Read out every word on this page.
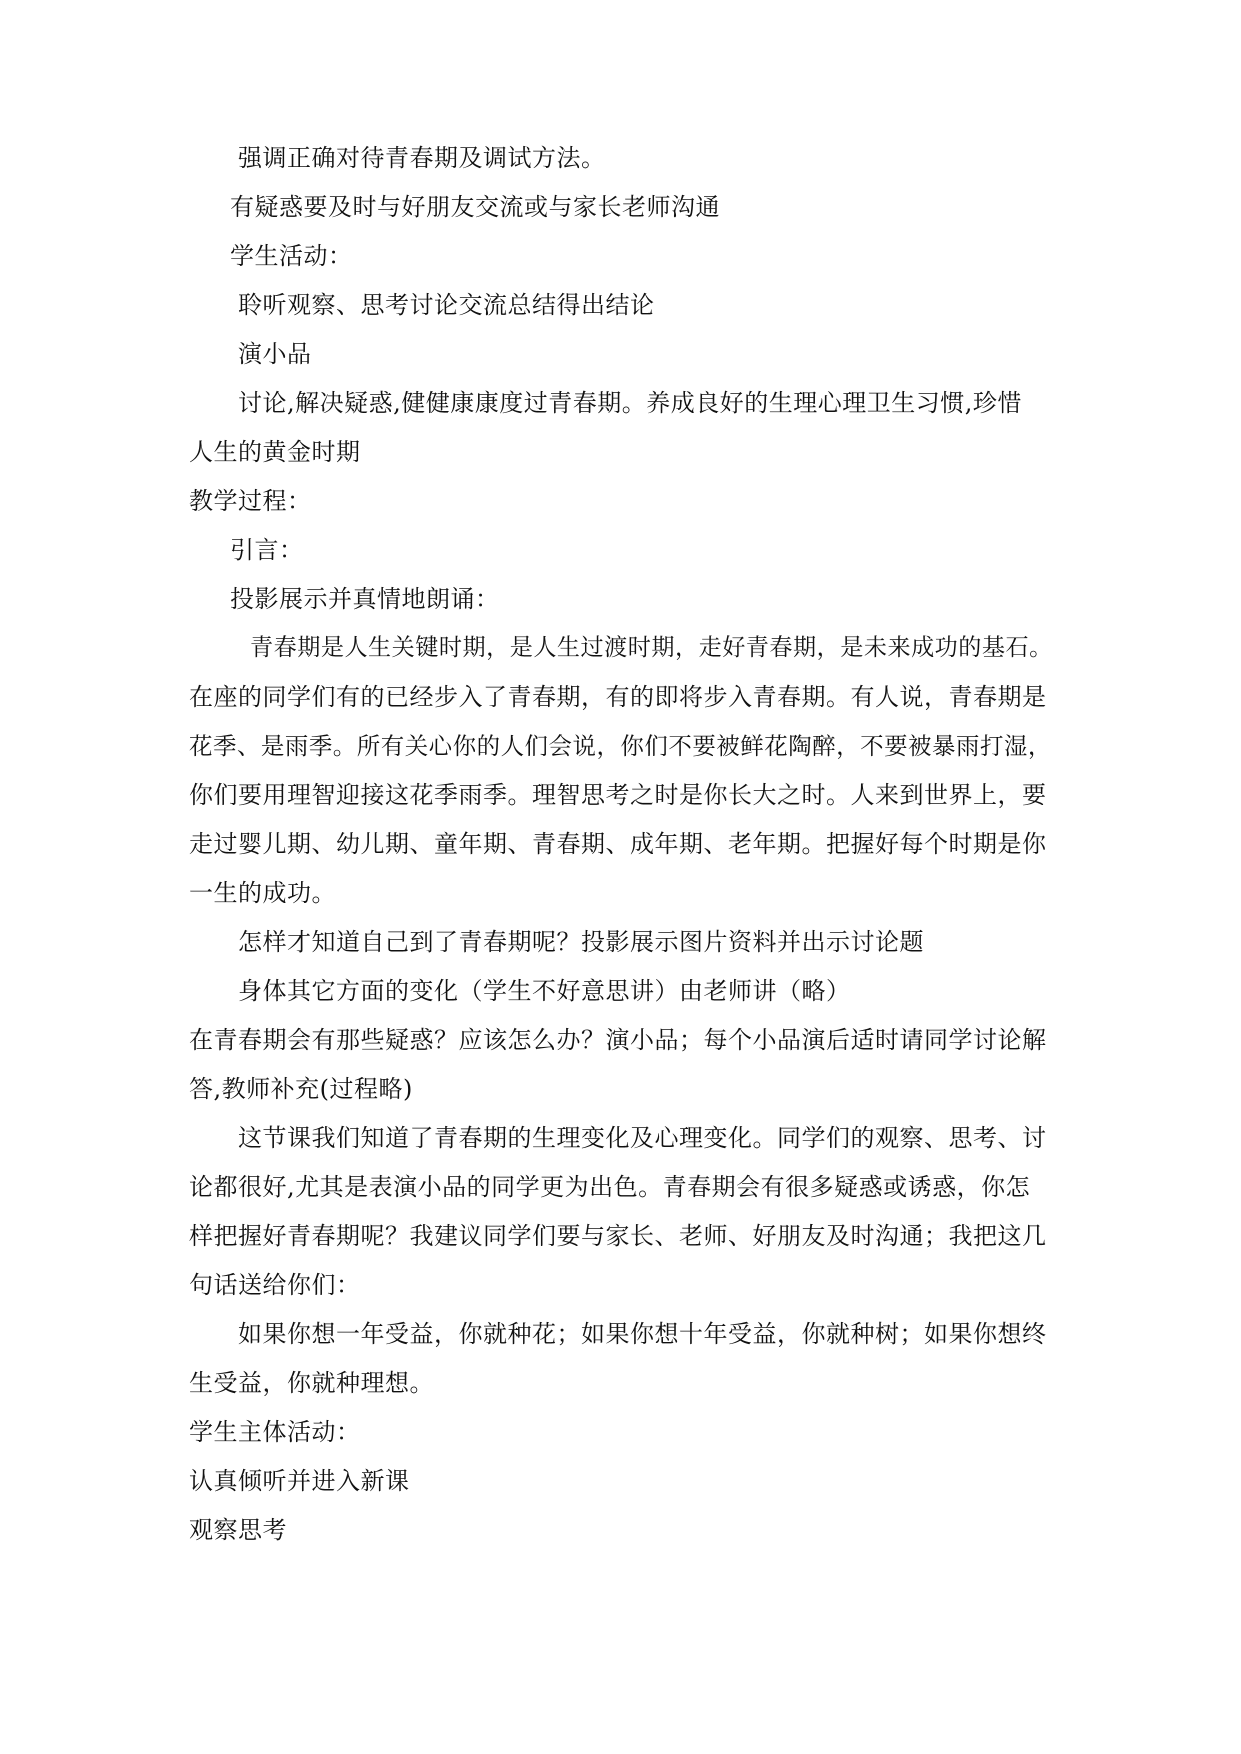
强调正确对待青春期及调试方法。
有疑惑要及时与好朋友交流或与家长老师沟通
学生活动：
聆听观察、思考讨论交流总结得出结论
演小品
讨论,解决疑惑,健健康康度过青春期。养成良好的生理心理卫生习惯,珍惜
人生的黄金时期
教学过程：
引言：
投影展示并真情地朗诵：
青春期是人生关键时期，是人生过渡时期，走好青春期，是未来成功的基石。
在座的同学们有的已经步入了青春期，有的即将步入青春期。有人说，青春期是
花季、是雨季。所有关心你的人们会说，你们不要被鲜花陶醉，不要被暴雨打湿，
你们要用理智迎接这花季雨季。理智思考之时是你长大之时。人来到世界上，要
走过婴儿期、幼儿期、童年期、青春期、成年期、老年期。把握好每个时期是你
一生的成功。
怎样才知道自己到了青春期呢？投影展示图片资料并出示讨论题
身体其它方面的变化（学生不好意思讲）由老师讲（略）
在青春期会有那些疑惑？应该怎么办？演小品；每个小品演后适时请同学讨论解
答,教师补充(过程略)
这节课我们知道了青春期的生理变化及心理变化。同学们的观察、思考、讨
论都很好,尤其是表演小品的同学更为出色。青春期会有很多疑惑或诱惑，你怎
样把握好青春期呢？我建议同学们要与家长、老师、好朋友及时沟通；我把这几
句话送给你们：
如果你想一年受益，你就种花；如果你想十年受益，你就种树；如果你想终
生受益，你就种理想。
学生主体活动：
认真倾听并进入新课
观察思考
